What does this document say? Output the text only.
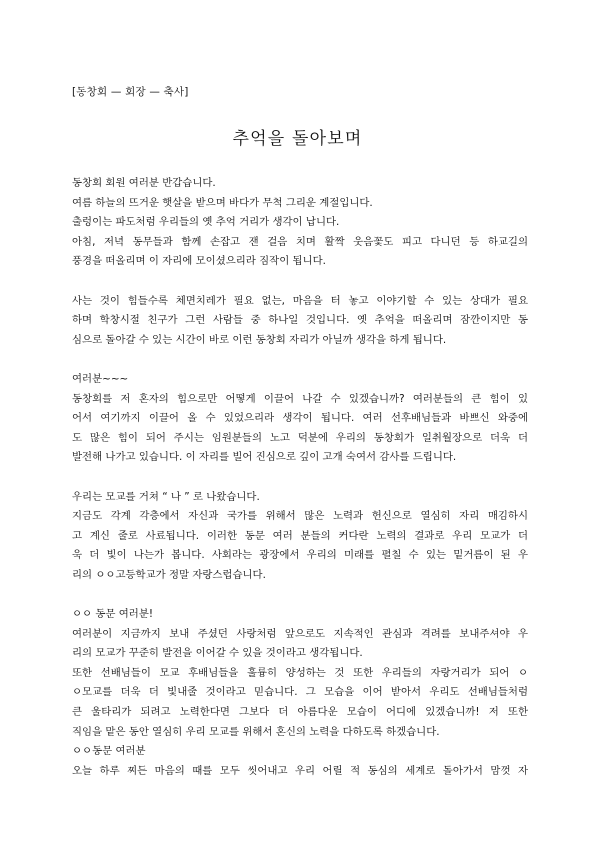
[동창회 — 회장 — 축사]
추억을 돌아보며
동창회 회원 여러분 반갑습니다.
여름 하늘의 뜨거운 햇살을 받으며 바다가 무척 그리운 계절입니다.
출렁이는 파도처럼 우리들의 옛 추억 거리가 생각이 납니다.
아침, 저녁 동무들과 함께 손잡고 잰 걸음 치며 활짝 웃음꽃도 피고 다니던 등 하교길의
풍경을 떠올리며 이 자리에 모이셨으리라 짐작이 됩니다.
사는 것이 힘들수록 체면치레가 필요 없는, 마음을 터 놓고 이야기할 수 있는 상대가 필요
하며 학창시절 친구가 그런 사람들 중 하나일 것입니다. 옛 추억을 떠올리며 잠깐이지만 동
심으로 돌아갈 수 있는 시간이 바로 이런 동창회 자리가 아닐까 생각을 하게 됩니다.
여러분~~~
동창회를 저 혼자의 힘으로만 어떻게 이끌어 나갈 수 있겠습니까? 여러분들의 큰 힘이 있
어서 여기까지 이끌어 올 수 있었으리라 생각이 됩니다. 여러 선후배님들과 바쁘신 와중에
도 많은 힘이 되어 주시는 임원분들의 노고 덕분에 우리의 동창회가 일취월장으로 더욱 더
발전해 나가고 있습니다. 이 자리를 빌어 진심으로 깊이 고개 숙여서 감사를 드립니다.
우리는 모교를 거쳐 “ 나 ” 로 나왔습니다.
지금도 각계 각층에서 자신과 국가를 위해서 많은 노력과 헌신으로 열심히 자리 매김하시
고 계신 줄로 사료됩니다. 이러한 동문 여러 분들의 커다란 노력의 결과로 우리 모교가 더
욱 더 빛이 나는가 봅니다. 사회라는 광장에서 우리의 미래를 펼칠 수 있는 밑거름이 된 우
리의 ㅇㅇ고등학교가 정말 자랑스럽습니다.
ㅇㅇ 동문 여러분!
여러분이 지금까지 보내 주셨던 사랑처럼 앞으로도 지속적인 관심과 격려를 보내주셔야 우
리의 모교가 꾸준히 발전을 이어갈 수 있을 것이라고 생각됩니다.
또한 선배님들이 모교 후배님들을 훌륭히 양성하는 것 또한 우리들의 자랑거리가 되어 ㅇ
ㅇ모교를 더욱 더 빛내줄 것이라고 믿습니다. 그 모습을 이어 받아서 우리도 선배님들처럼
큰 울타리가 되려고 노력한다면 그보다 더 아름다운 모습이 어디에 있겠습니까! 저 또한
직임을 맡은 동안 열심히 우리 모교를 위해서 혼신의 노력을 다하도록 하겠습니다.
ㅇㅇ동문 여러분
오늘 하루 찌든 마음의 때를 모두 씻어내고 우리 어릴 적 동심의 세계로 돌아가서 맘껏 자
